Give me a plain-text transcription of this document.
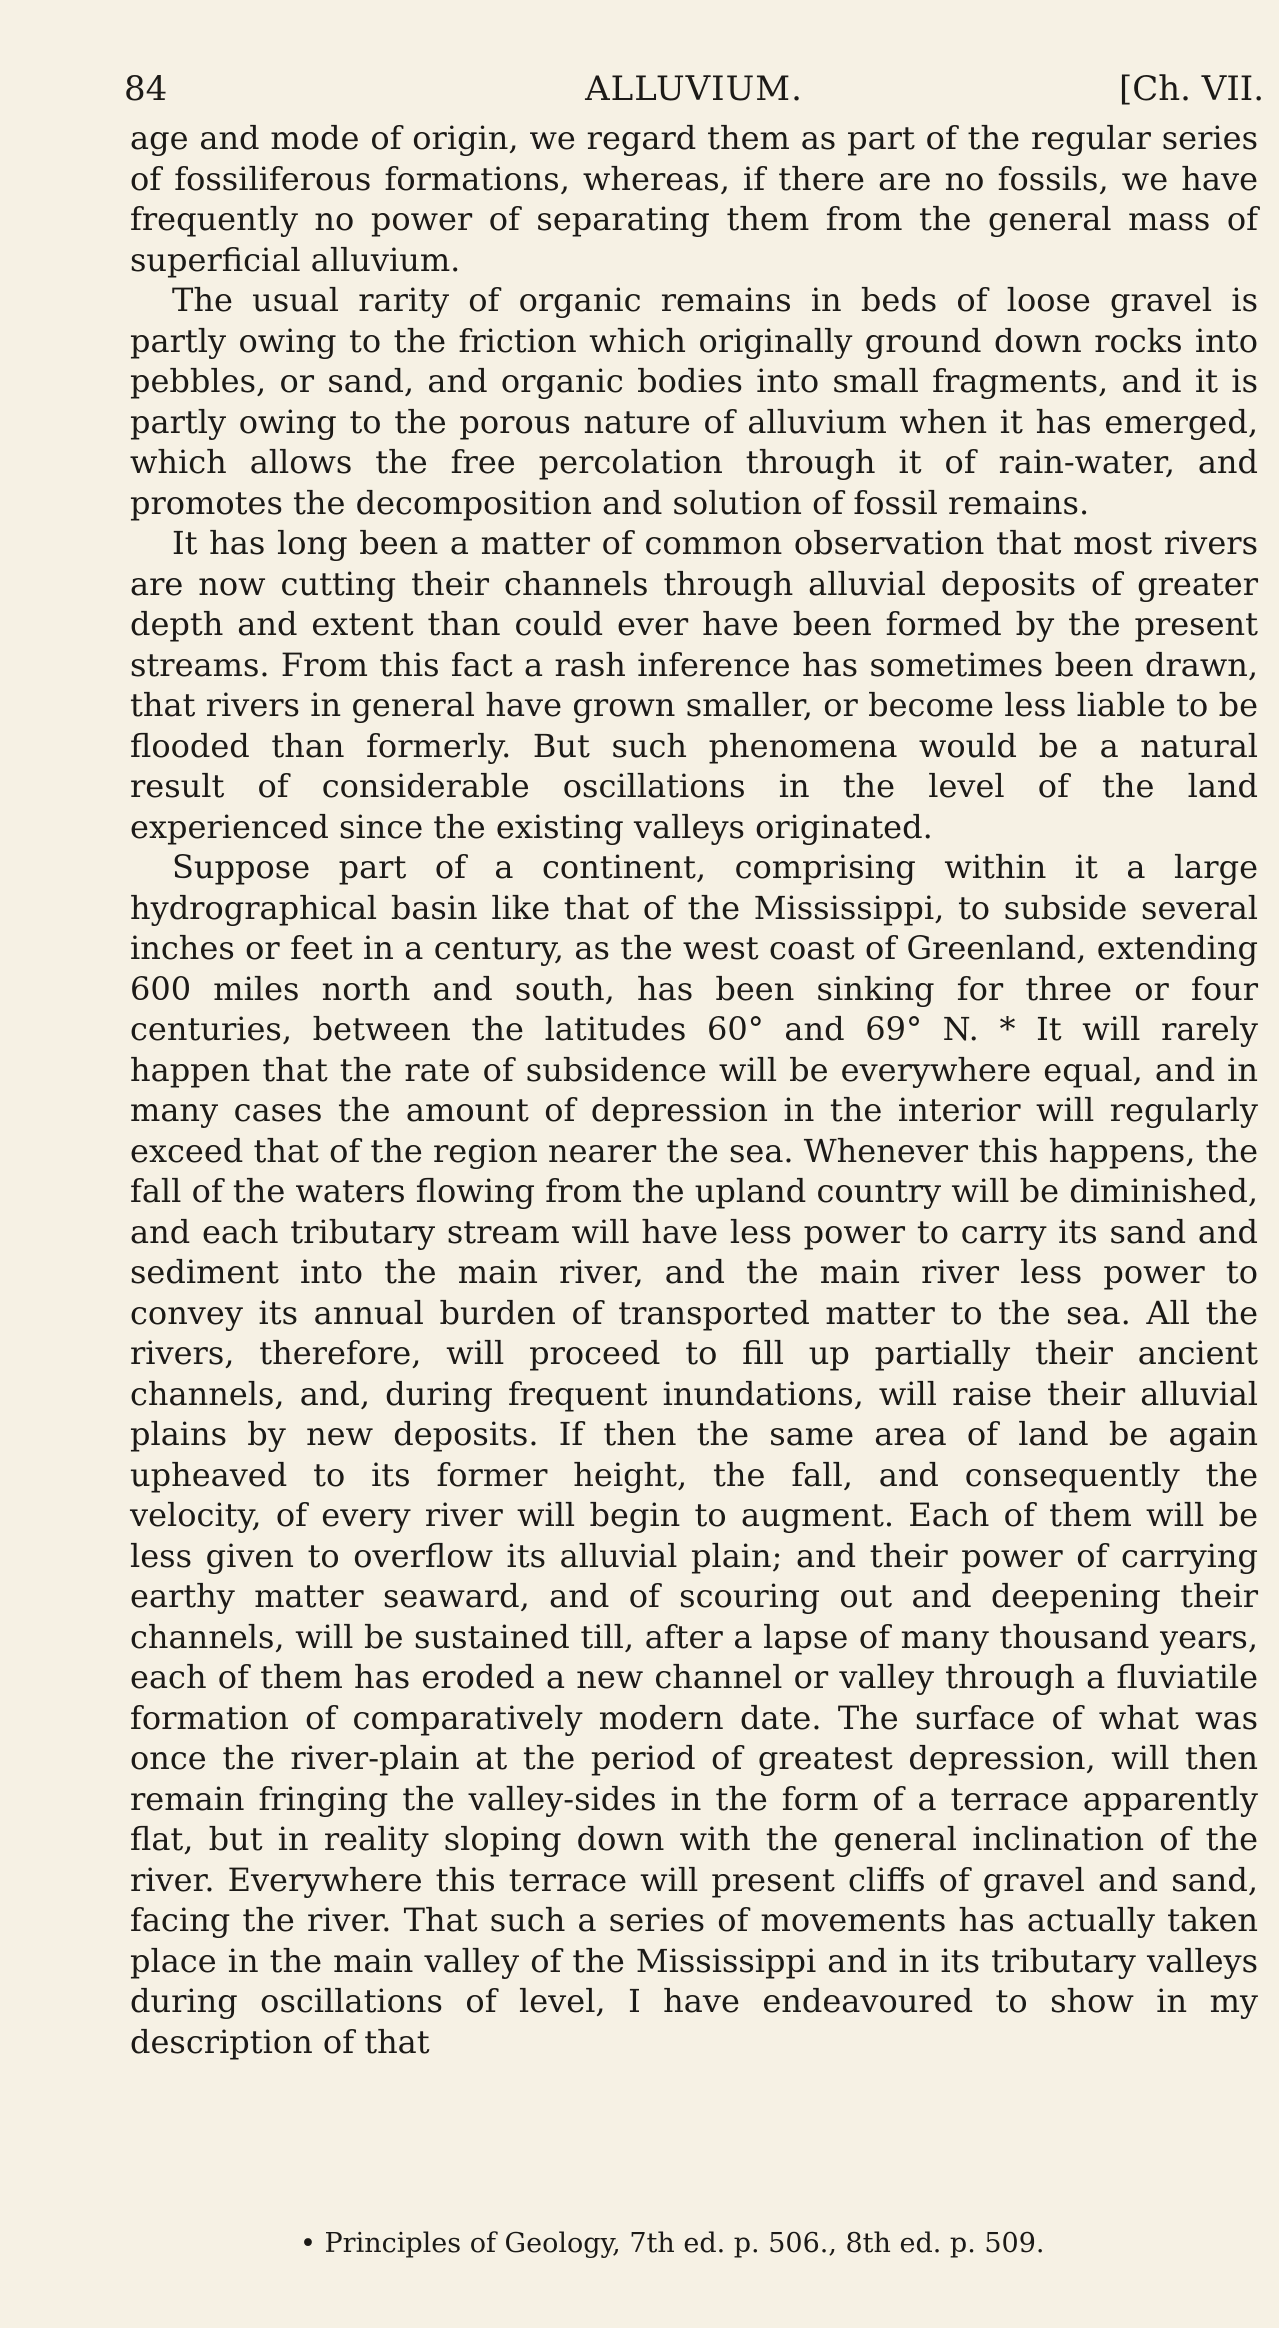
84	ALLUVIUM.	[Ch. VII.

age and mode of origin, we regard them as part of the regular series of fossiliferous formations, whereas, if there are no fossils, we have frequently no power of separating them from the general mass of superficial alluvium.

The usual rarity of organic remains in beds of loose gravel is partly owing to the friction which originally ground down rocks into pebbles, or sand, and organic bodies into small fragments, and it is partly owing to the porous nature of alluvium when it has emerged, which allows the free percolation through it of rain-water, and promotes the decomposition and solution of fossil remains.

It has long been a matter of common observation that most rivers are now cutting their channels through alluvial deposits of greater depth and extent than could ever have been formed by the present streams. From this fact a rash inference has sometimes been drawn, that rivers in general have grown smaller, or become less liable to be flooded than formerly. But such phenomena would be a natural result of considerable oscillations in the level of the land experienced since the existing valleys originated.

Suppose part of a continent, comprising within it a large hydrographical basin like that of the Mississippi, to subside several inches or feet in a century, as the west coast of Greenland, extending 600 miles north and south, has been sinking for three or four centuries, between the latitudes 60° and 69° N. * It will rarely happen that the rate of subsidence will be everywhere equal, and in many cases the amount of depression in the interior will regularly exceed that of the region nearer the sea. Whenever this happens, the fall of the waters flowing from the upland country will be diminished, and each tributary stream will have less power to carry its sand and sediment into the main river, and the main river less power to convey its annual burden of transported matter to the sea. All the rivers, therefore, will proceed to fill up partially their ancient channels, and, during frequent inundations, will raise their alluvial plains by new deposits. If then the same area of land be again upheaved to its former height, the fall, and consequently the velocity, of every river will begin to augment. Each of them will be less given to overflow its alluvial plain; and their power of carrying earthy matter seaward, and of scouring out and deepening their channels, will be sustained till, after a lapse of many thousand years, each of them has eroded a new channel or valley through a fluviatile formation of comparatively modern date. The surface of what was once the river-plain at the period of greatest depression, will then remain fringing the valley-sides in the form of a terrace apparently flat, but in reality sloping down with the general inclination of the river. Everywhere this terrace will present cliffs of gravel and sand, facing the river. That such a series of movements has actually taken place in the main valley of the Mississippi and in its tributary valleys during oscillations of level, I have endeavoured to show in my description of that

• Principles of Geology, 7th ed. p. 506., 8th ed. p. 509.
